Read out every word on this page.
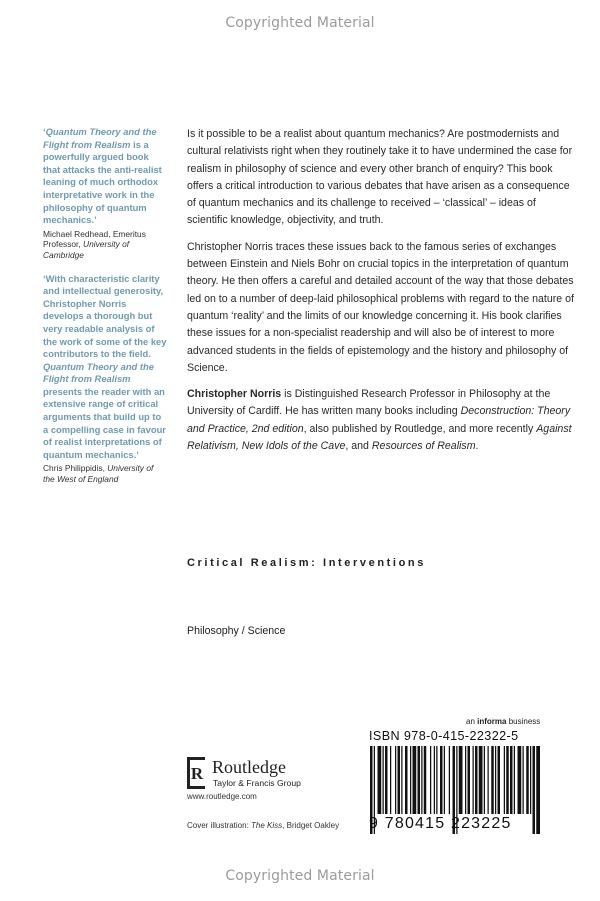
Copyrighted Material
‘Quantum Theory and the Flight from Realism is a powerfully argued book that attacks the anti-realist leaning of much orthodox interpretative work in the philosophy of quantum mechanics.’
Michael Redhead, Emeritus Professor, University of Cambridge
‘With characteristic clarity and intellectual generosity, Christopher Norris develops a thorough but very readable analysis of the work of some of the key contributors to the field. Quantum Theory and the Flight from Realism presents the reader with an extensive range of critical arguments that build up to a compelling case in favour of realist interpretations of quantum mechanics.’
Chris Philippidis, University of the West of England

Is it possible to be a realist about quantum mechanics? Are postmodernists and cultural relativists right when they routinely take it to have undermined the case for realism in philosophy of science and every other branch of enquiry? This book offers a critical introduction to various debates that have arisen as a consequence of quantum mechanics and its challenge to received – ‘classical’ – ideas of scientific knowledge, objectivity, and truth.

Christopher Norris traces these issues back to the famous series of exchanges between Einstein and Niels Bohr on crucial topics in the interpretation of quantum theory. He then offers a careful and detailed account of the way that those debates led on to a number of deep-laid philosophical problems with regard to the nature of quantum ‘reality’ and the limits of our knowledge concerning it. His book clarifies these issues for a non-specialist readership and will also be of interest to more advanced students in the fields of epistemology and the history and philosophy of Science.

Christopher Norris is Distinguished Research Professor in Philosophy at the University of Cardiff. He has written many books including Deconstruction: Theory and Practice, 2nd edition, also published by Routledge, and more recently Against Relativism, New Idols of the Cave, and Resources of Realism.

Critical Realism: Interventions
Philosophy / Science
R Routledge
Taylor & Francis Group
www.routledge.com
Cover illustration: The Kiss, Bridget Oakley
an informa business
ISBN 978-0-415-22322-5
9 780415 223225
Copyrighted Material
